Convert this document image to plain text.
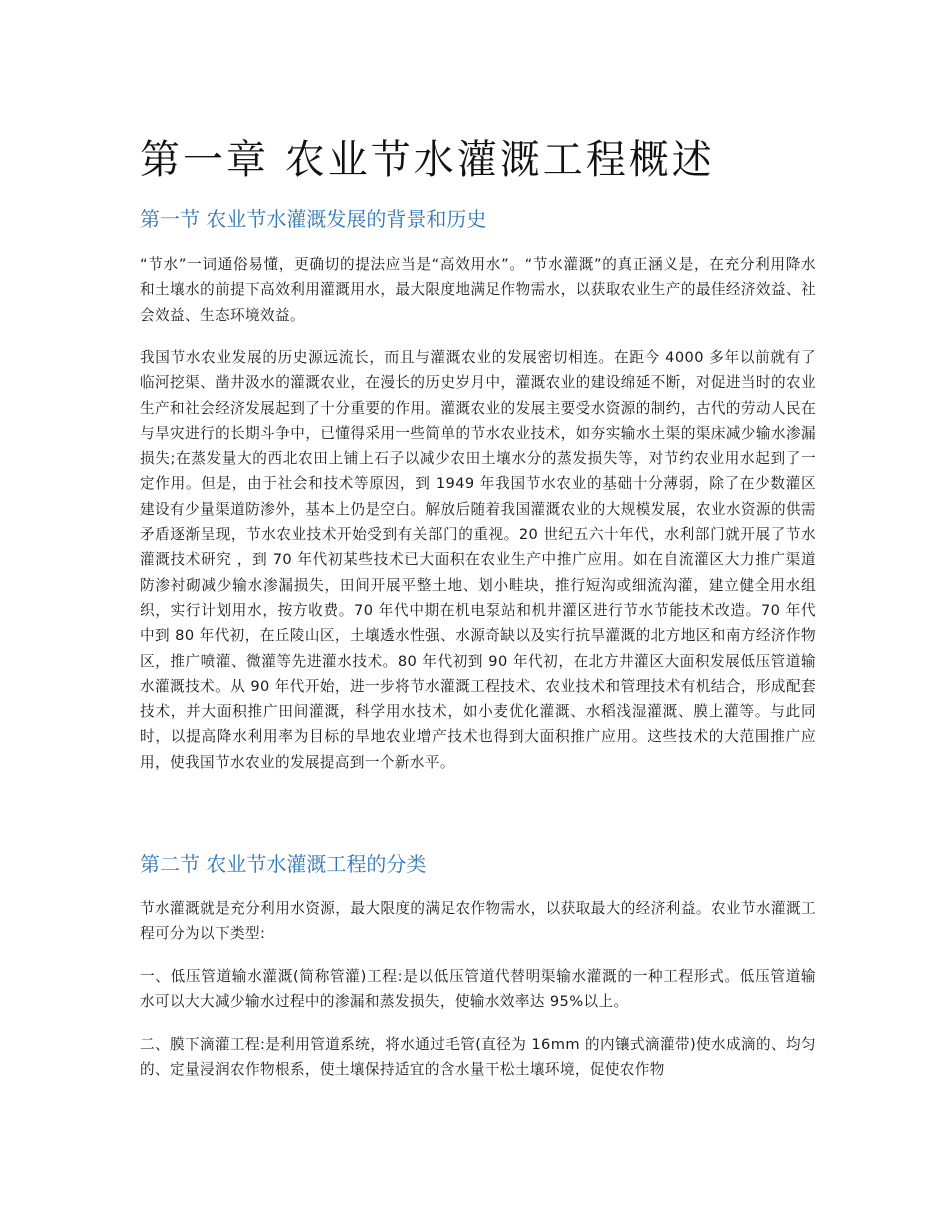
第一章 农业节水灌溉工程概述
第一节 农业节水灌溉发展的背景和历史

“节水”一词通俗易懂，更确切的提法应当是“高效用水”。“节水灌溉”的真正涵义是，在充分利用降水和土壤水的前提下高效利用灌溉用水，最大限度地满足作物需水，以获取农业生产的最佳经济效益、社会效益、生态环境效益。

我国节水农业发展的历史源远流长，而且与灌溉农业的发展密切相连。在距今 4000 多年以前就有了临河挖渠、凿井汲水的灌溉农业，在漫长的历史岁月中，灌溉农业的建设绵延不断，对促进当时的农业生产和社会经济发展起到了十分重要的作用。灌溉农业的发展主要受水资源的制约，古代的劳动人民在与旱灾进行的长期斗争中，已懂得采用一些简单的节水农业技术，如夯实输水土渠的渠床减少输水渗漏损失;在蒸发量大的西北农田上铺上石子以减少农田土壤水分的蒸发损失等，对节约农业用水起到了一定作用。但是，由于社会和技术等原因，到 1949 年我国节水农业的基础十分薄弱，除了在少数灌区建设有少量渠道防渗外，基本上仍是空白。解放后随着我国灌溉农业的大规模发展，农业水资源的供需矛盾逐渐呈现，节水农业技术开始受到有关部门的重视。20 世纪五六十年代，水利部门就开展了节水灌溉技术研究 ，到 70 年代初某些技术已大面积在农业生产中推广应用。如在自流灌区大力推广渠道防渗衬砌减少输水渗漏损失，田间开展平整土地、划小畦块，推行短沟或细流沟灌，建立健全用水组织，实行计划用水，按方收费。70 年代中期在机电泵站和机井灌区进行节水节能技术改造。70 年代中到 80 年代初，在丘陵山区，土壤透水性强、水源奇缺以及实行抗旱灌溉的北方地区和南方经济作物区，推广喷灌、微灌等先进灌水技术。80 年代初到 90 年代初，在北方井灌区大面积发展低压管道输水灌溉技术。从 90 年代开始，进一步将节水灌溉工程技术、农业技术和管理技术有机结合，形成配套技术，并大面积推广田间灌溉，科学用水技术，如小麦优化灌溉、水稻浅湿灌溉、膜上灌等。与此同时，以提高降水利用率为目标的旱地农业增产技术也得到大面积推广应用。这些技术的大范围推广应用，使我国节水农业的发展提高到一个新水平。

第二节 农业节水灌溉工程的分类

节水灌溉就是充分利用水资源，最大限度的满足农作物需水，以获取最大的经济利益。农业节水灌溉工程可分为以下类型:

一、低压管道输水灌溉(简称管灌)工程:是以低压管道代替明渠输水灌溉的一种工程形式。低压管道输水可以大大减少输水过程中的渗漏和蒸发损失，使输水效率达 95%以上。

二、膜下滴灌工程:是利用管道系统，将水通过毛管(直径为 16mm 的内镶式滴灌带)使水成滴的、均匀的、定量浸润农作物根系，使土壤保持适宜的含水量干松土壤环境，促使农作物
